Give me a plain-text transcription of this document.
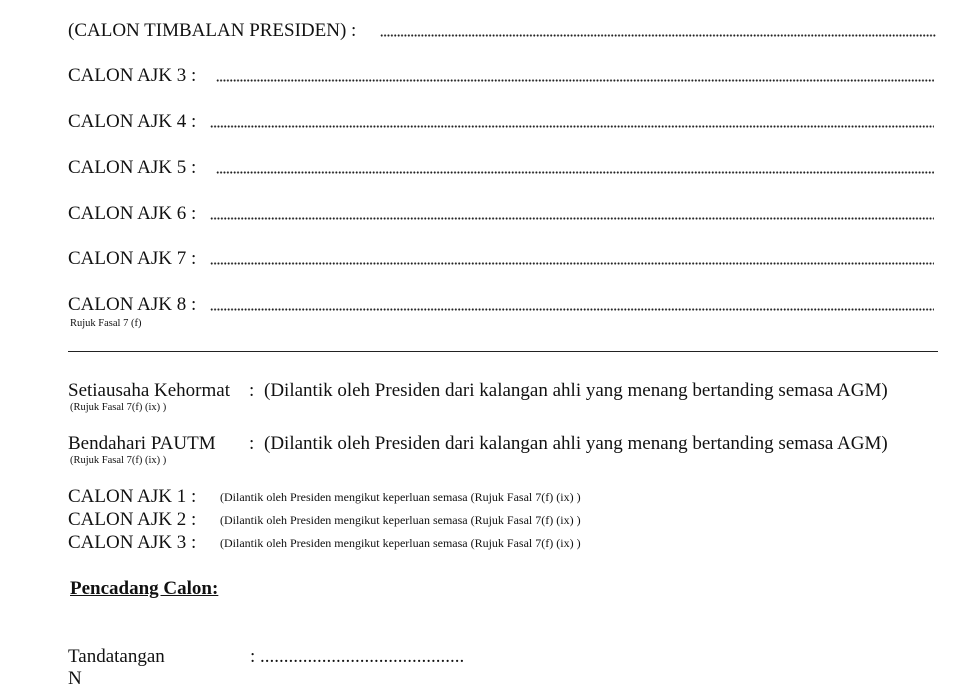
(CALON TIMBALAN PRESIDEN) :
CALON AJK 3 :
CALON AJK 4 :
CALON AJK 5 :
CALON AJK 6 :
CALON AJK 7 :
CALON AJK 8 :
Rujuk Fasal 7 (f)
Setiausaha Kehormat : (Dilantik oleh Presiden dari kalangan ahli yang menang bertanding semasa AGM)
(Rujuk Fasal 7(f) (ix) )
Bendahari PAUTM : (Dilantik oleh Presiden dari kalangan ahli yang menang bertanding semasa AGM)
(Rujuk Fasal 7(f) (ix) )
CALON AJK 1 : (Dilantik oleh Presiden mengikut keperluan semasa (Rujuk Fasal 7(f) (ix) )
CALON AJK 2 : (Dilantik oleh Presiden mengikut keperluan semasa (Rujuk Fasal 7(f) (ix) )
CALON AJK 3 : (Dilantik oleh Presiden mengikut keperluan semasa (Rujuk Fasal 7(f) (ix) )
Pencadang Calon:
Tandatangan	: ...........................................
N
